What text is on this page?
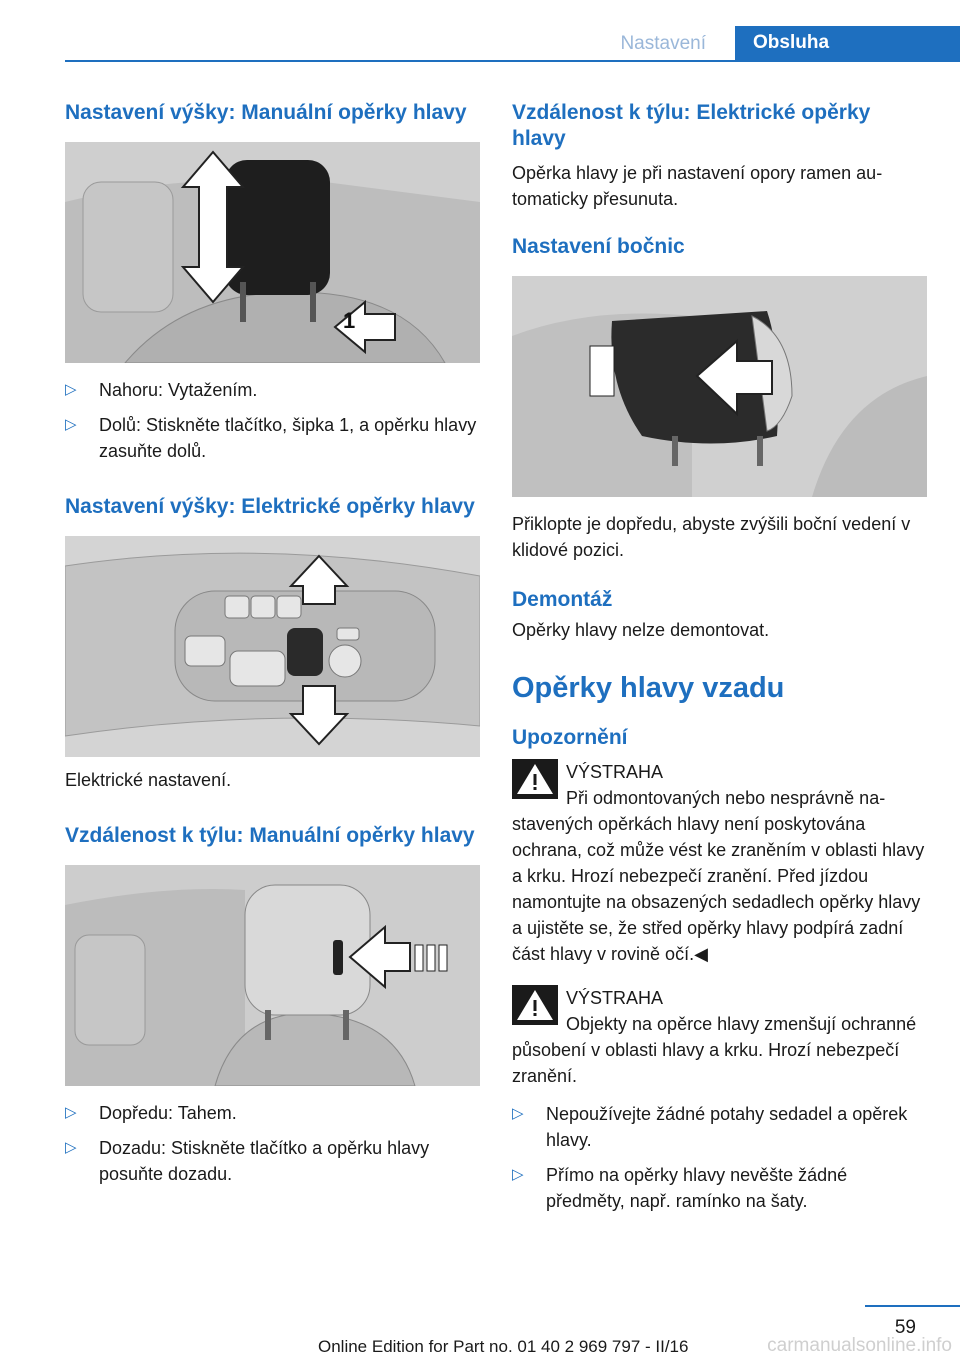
Nastavení	Obsluha
Nastavení výšky: Manuální opěrky hlavy
1
▷ Nahoru: Vytažením.
▷ Dolů: Stiskněte tlačítko, šipka 1, a opěrku hlavy zasuňte dolů.
Nastavení výšky: Elektrické opěrky hlavy

Elektrické nastavení.

Vzdálenost k týlu: Manuální opěrky hlavy
▷ Dopředu: Tahem.
▷ Dozadu: Stiskněte tlačítko a opěrku hlavy posuňte dozadu.
Vzdálenost k týlu: Elektrické opěrky hlavy

Opěrka hlavy je při nastavení opory ramen automaticky přesunuta.

Nastavení bočnic

Přiklopte je dopředu, abyste zvýšili boční vedení v klidové pozici.

Demontáž

Opěrky hlavy nelze demontovat.

Opěrky hlavy vzadu
Upozornění
VÝSTRAHA

Při odmontovaných nebo nesprávně nastavených opěrkách hlavy není poskytována ochrana, což může vést ke zraněním v oblasti hlavy a krku. Hrozí nebezpečí zranění. Před jízdou namontujte na obsazených sedadlech opěrky hlavy a ujistěte se, že střed opěrky hlavy podpírá zadní část hlavy v rovině očí.◀

VÝSTRAHA

Objekty na opěrce hlavy zmenšují ochranné působení v oblasti hlavy a krku. Hrozí nebezpečí zranění.

▷ Nepoužívejte žádné potahy sedadel a opěrek hlavy.
▷ Přímo na opěrky hlavy nevěšte žádné předměty, např. ramínko na šaty.
59
Online Edition for Part no. 01 40 2 969 797 - II/16	carmanualsonline.info
